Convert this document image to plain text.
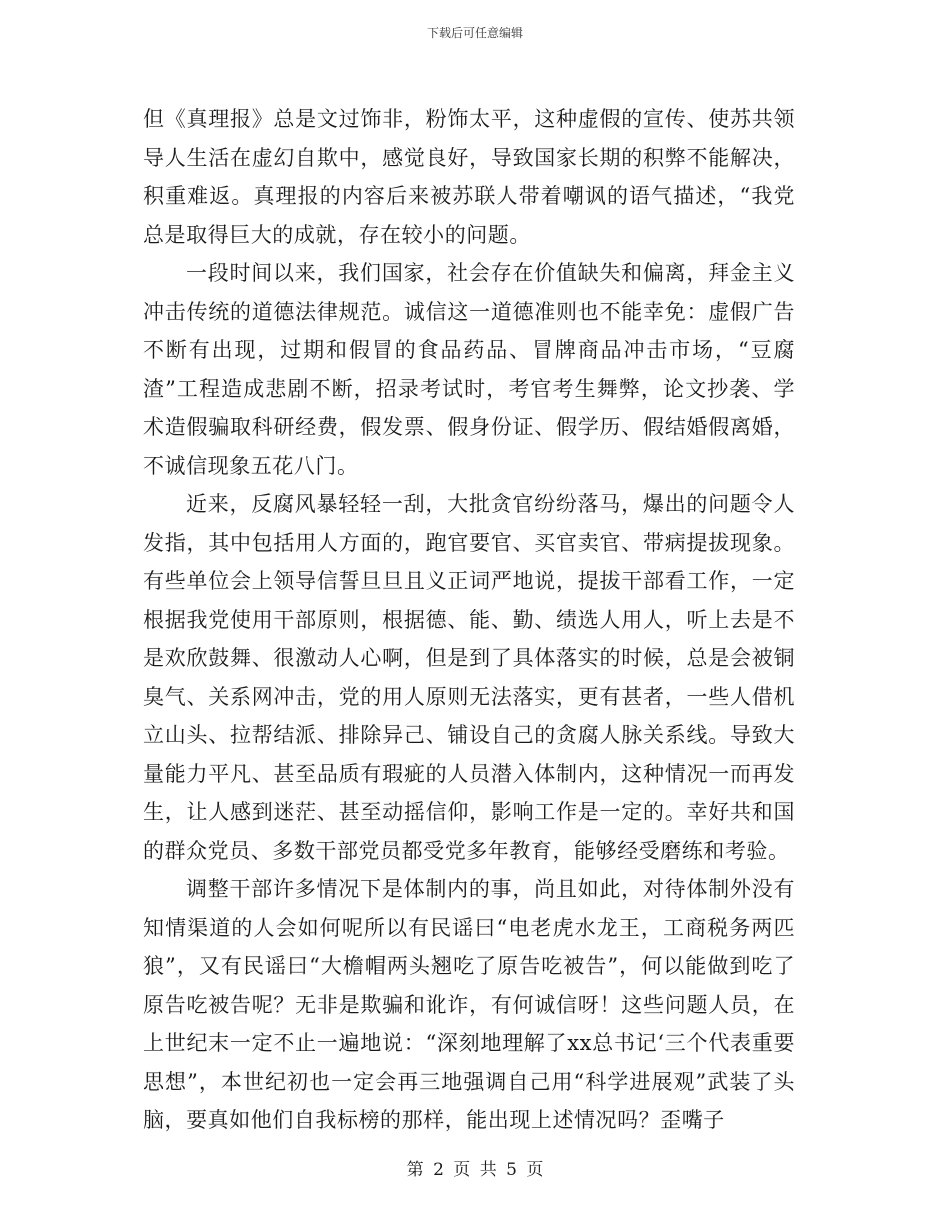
下载后可任意编辑

但《真理报》总是文过饰非，粉饰太平，这种虚假的宣传、使苏共领导人生活在虚幻自欺中，感觉良好，导致国家长期的积弊不能解决，积重难返。真理报的内容后来被苏联人带着嘲讽的语气描述，“我党总是取得巨大的成就，存在较小的问题。

一段时间以来，我们国家，社会存在价值缺失和偏离，拜金主义冲击传统的道德法律规范。诚信这一道德准则也不能幸免：虚假广告不断有出现，过期和假冒的食品药品、冒牌商品冲击市场，“豆腐渣”工程造成悲剧不断，招录考试时，考官考生舞弊，论文抄袭、学术造假骗取科研经费，假发票、假身份证、假学历、假结婚假离婚，不诚信现象五花八门。

近来，反腐风暴轻轻一刮，大批贪官纷纷落马，爆出的问题令人发指，其中包括用人方面的，跑官要官、买官卖官、带病提拔现象。有些单位会上领导信誓旦旦且义正词严地说，提拔干部看工作，一定根据我党使用干部原则，根据德、能、勤、绩选人用人，听上去是不是欢欣鼓舞、很激动人心啊，但是到了具体落实的时候，总是会被铜臭气、关系网冲击，党的用人原则无法落实，更有甚者，一些人借机立山头、拉帮结派、排除异己、铺设自己的贪腐人脉关系线。导致大量能力平凡、甚至品质有瑕疵的人员潜入体制内，这种情况一而再发生，让人感到迷茫、甚至动摇信仰，影响工作是一定的。幸好共和国的群众党员、多数干部党员都受党多年教育，能够经受磨练和考验。

调整干部许多情况下是体制内的事，尚且如此，对待体制外没有知情渠道的人会如何呢所以有民谣曰“电老虎水龙王，工商税务两匹狼”，又有民谣曰“大檐帽两头翘吃了原告吃被告”，何以能做到吃了原告吃被告呢？无非是欺骗和讹诈，有何诚信呀！这些问题人员，在上世纪末一定不止一遍地说：“深刻地理解了xx总书记‘三个代表重要思想”，本世纪初也一定会再三地强调自己用“科学进展观”武装了头脑，要真如他们自我标榜的那样，能出现上述情况吗？歪嘴子

第 2 页 共 5 页
